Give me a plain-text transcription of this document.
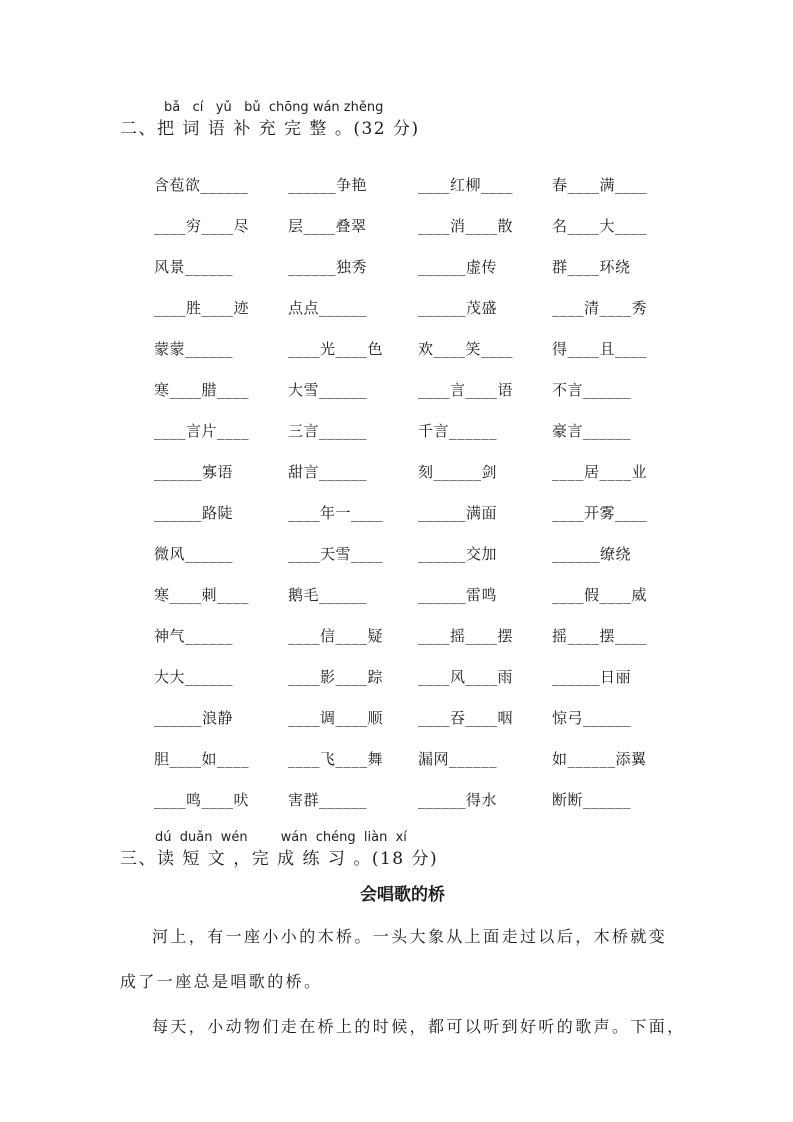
bǎ   cí   yǔ   bǔ  chōng wán zhěng
二、把 词 语 补 充 完 整 。(32 分)
含苞欲______	______争艳	____红柳____	春____满____
____穷____尽	层____叠翠	____消____散	名____大____
风景______	______独秀	______虚传	群____环绕
____胜____迹	点点______	______茂盛	____清____秀
蒙蒙______	____光____色	欢____笑____	得____且____
寒____腊____	大雪______	____言____语	不言______
____言片____	三言______	千言______	豪言______
______寡语	甜言______	刻______剑	____居____业
______路陡	____年一____	______满面	____开雾____
微风______	____天雪____	______交加	______缭绕
寒____刺____	鹅毛______	______雷鸣	____假____威
神气______	____信____疑	____摇____摆	摇____摆____
大大______	____影____踪	____风____雨	______日丽
______浪静	____调____顺	____吞____咽	惊弓______
胆____如____	____飞____舞	漏网______	如______添翼
____鸣____吠	害群______	______得水	断断______
dú  duǎn  wén        wán  chéng  liàn  xí
三、读 短 文 ，完 成 练 习 。(18 分)
会唱歌的桥
河上，有一座小小的木桥。一头大象从上面走过以后，木桥就变
成了一座总是唱歌的桥。
每天，小动物们走在桥上的时候，都可以听到好听的歌声。下面，
